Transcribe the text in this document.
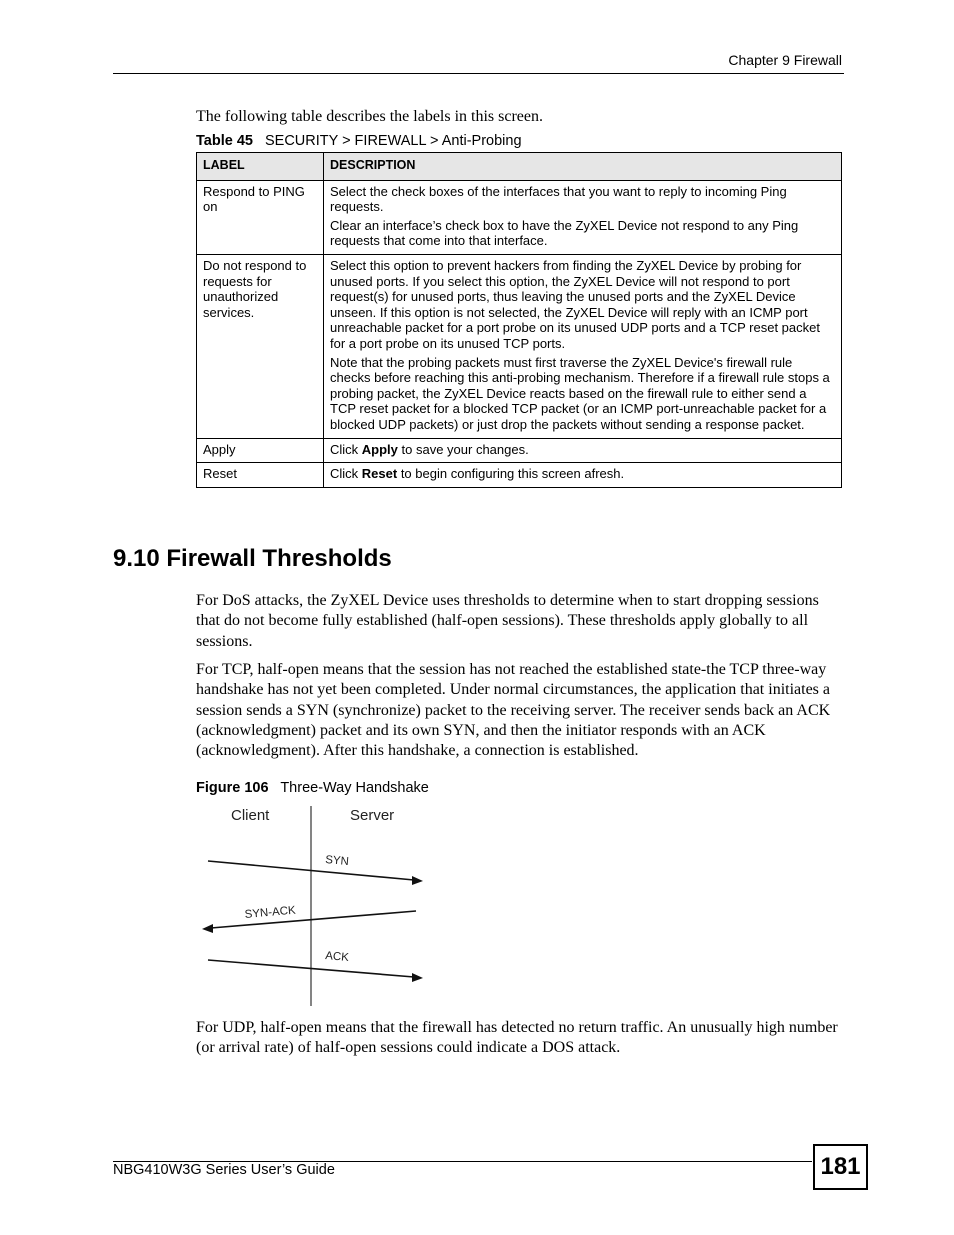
Chapter 9 Firewall
The following table describes the labels in this screen.
Table 45 SECURITY > FIREWALL > Anti-Probing
LABEL	DESCRIPTION
Respond to PING on	Select the check boxes of the interfaces that you want to reply to incoming Ping requests.

Clear an interface’s check box to have the ZyXEL Device not respond to any Ping requests that come into that interface.

Do not respond to requests for unauthorized services.	Select this option to prevent hackers from finding the ZyXEL Device by probing for unused ports. If you select this option, the ZyXEL Device will not respond to port request(s) for unused ports, thus leaving the unused ports and the ZyXEL Device unseen. If this option is not selected, the ZyXEL Device will reply with an ICMP port unreachable packet for a port probe on its unused UDP ports and a TCP reset packet for a port probe on its unused TCP ports.

Note that the probing packets must first traverse the ZyXEL Device's firewall rule checks before reaching this anti-probing mechanism. Therefore if a firewall rule stops a probing packet, the ZyXEL Device reacts based on the firewall rule to either send a TCP reset packet for a blocked TCP packet (or an ICMP port-unreachable packet for a blocked UDP packets) or just drop the packets without sending a response packet.

Apply	Click Apply to save your changes.
Reset	Click Reset to begin configuring this screen afresh.
9.10 Firewall Thresholds

For DoS attacks, the ZyXEL Device uses thresholds to determine when to start dropping sessions that do not become fully established (half-open sessions). These thresholds apply globally to all sessions.

For TCP, half-open means that the session has not reached the established state-the TCP three-way handshake has not yet been completed. Under normal circumstances, the application that initiates a session sends a SYN (synchronize) packet to the receiving server. The receiver sends back an ACK (acknowledgment) packet and its own SYN, and then the initiator responds with an ACK (acknowledgment). After this handshake, a connection is established.

Figure 106 Three-Way Handshake
Client	Server
SYN
SYN-ACK
ACK

For UDP, half-open means that the firewall has detected no return traffic. An unusually high number (or arrival rate) of half-open sessions could indicate a DOS attack.

NBG410W3G Series User’s Guide	181
